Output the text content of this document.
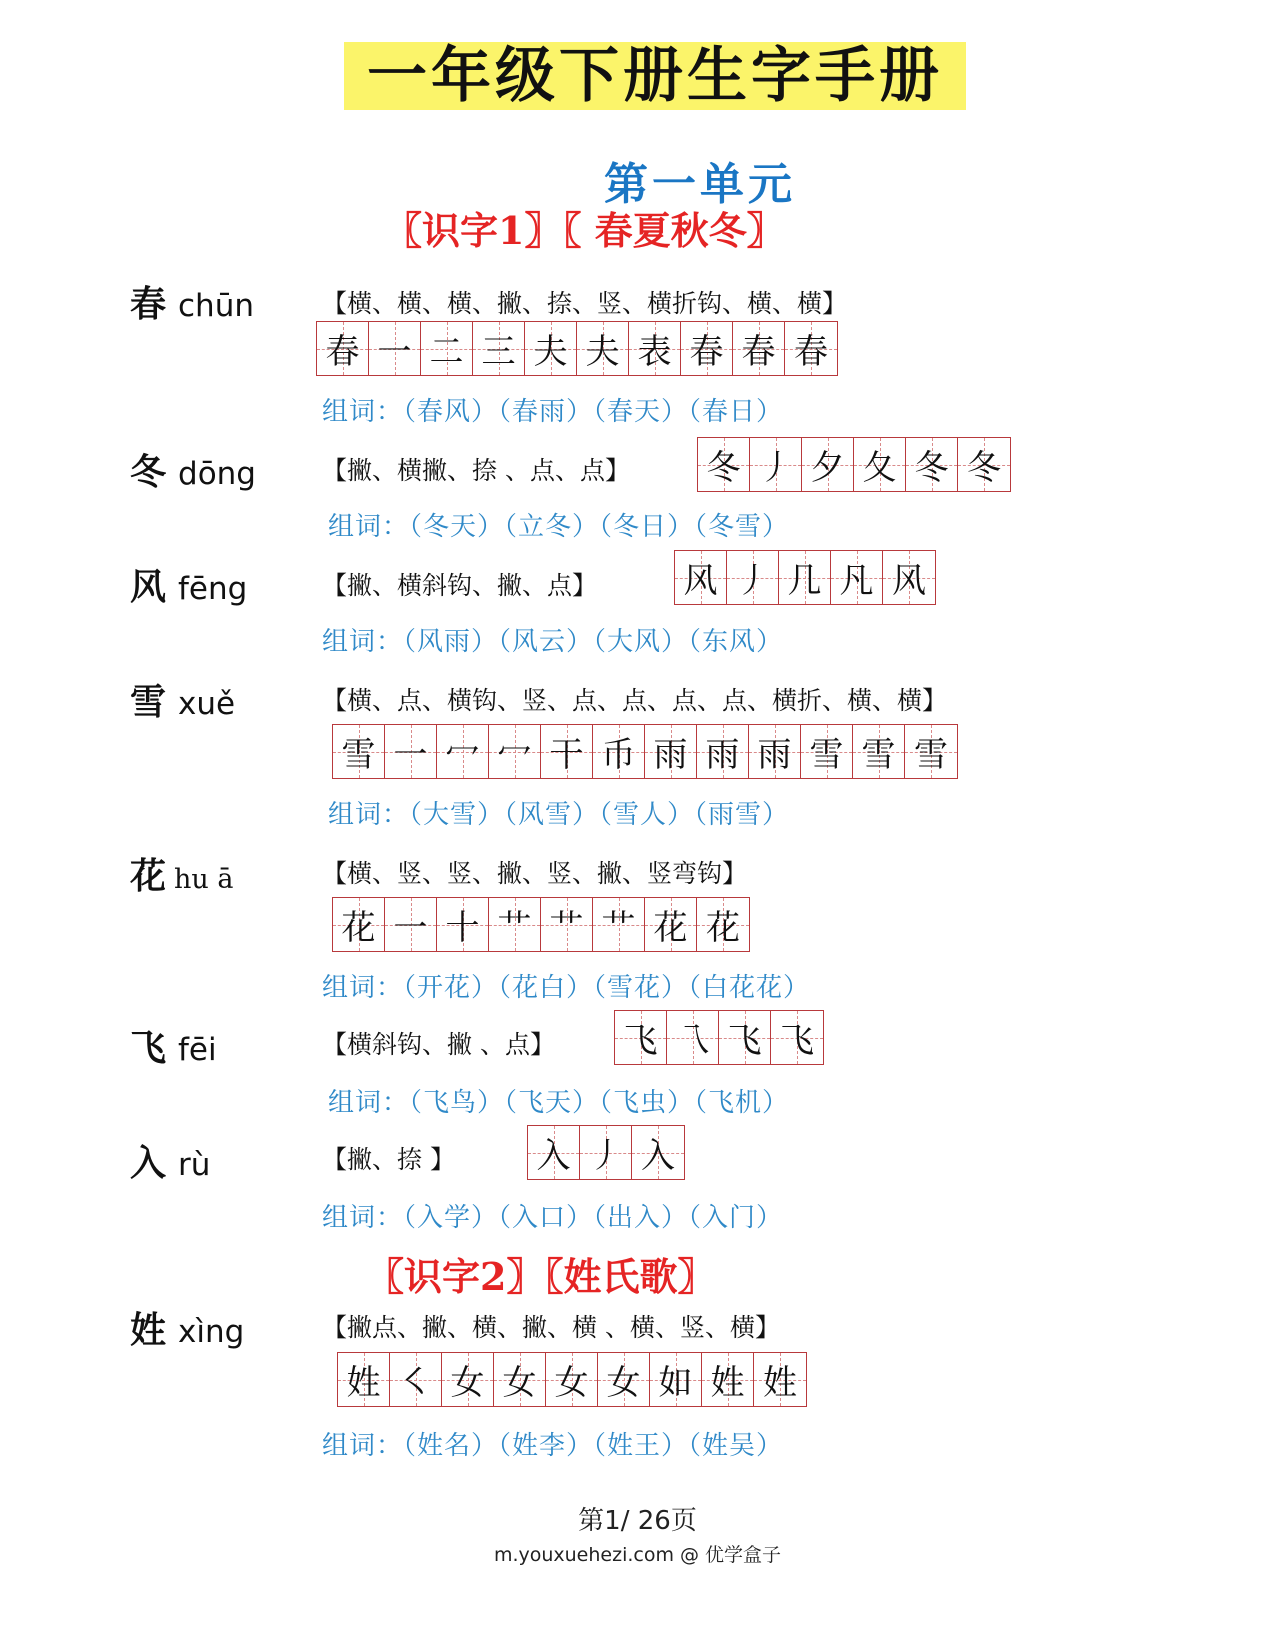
一年级下册生字手册
第一单元
〖识字1〗〖 春夏秋冬〗
春 chūn	【横、横、横、撇、捺、竖、横折钩、横、横】
春 一 二 三 夫 夫 表 春 春 春
组词：（春风）（春雨）（春天）（春日）
冬 dōng	【撇、横撇、捺 、点、点】 冬 丿 夕 夂 冬 冬
组词：（冬天）（立冬）（冬日）（冬雪）
风 fēng	【撇、横斜钩、撇、点】	风 丿 几 凡 风
组词：（风雨）（风云）（大风）（东风）
雪 xuě	【横、点、横钩、竖、点、点、点、点、横折、横、横】
雪 一 冖 冖 干 币 雨 雨 雨 雪 雪 雪
组词：（大雪）（风雪）（雪人）（雨雪）
花 hu ā	【横、竖、竖、撇、竖、撇、竖弯钩】
花 一 十 艹 艹 艹 花 花
组词：（开花）（花白）（雪花）（白花花）
飞 fēi	【横斜钩、撇 、点】 飞 乁 飞 飞
组词：（飞鸟）（飞天）（飞虫）（飞机）
入 rù	【撇、捺 】 入 丿 入
组词：（入学）（入口）（出入）（入门）
〖识字2〗〖姓氏歌〗
姓 xìng	【撇点、撇、横、撇、横 、横、竖、横】
姓 ㇛ 女 女 女 女 如 姓 姓
组词：（姓名）（姓李）（姓王）（姓吴）
第1/ 26页
m.youxuehezi.com @ 优学盒子
